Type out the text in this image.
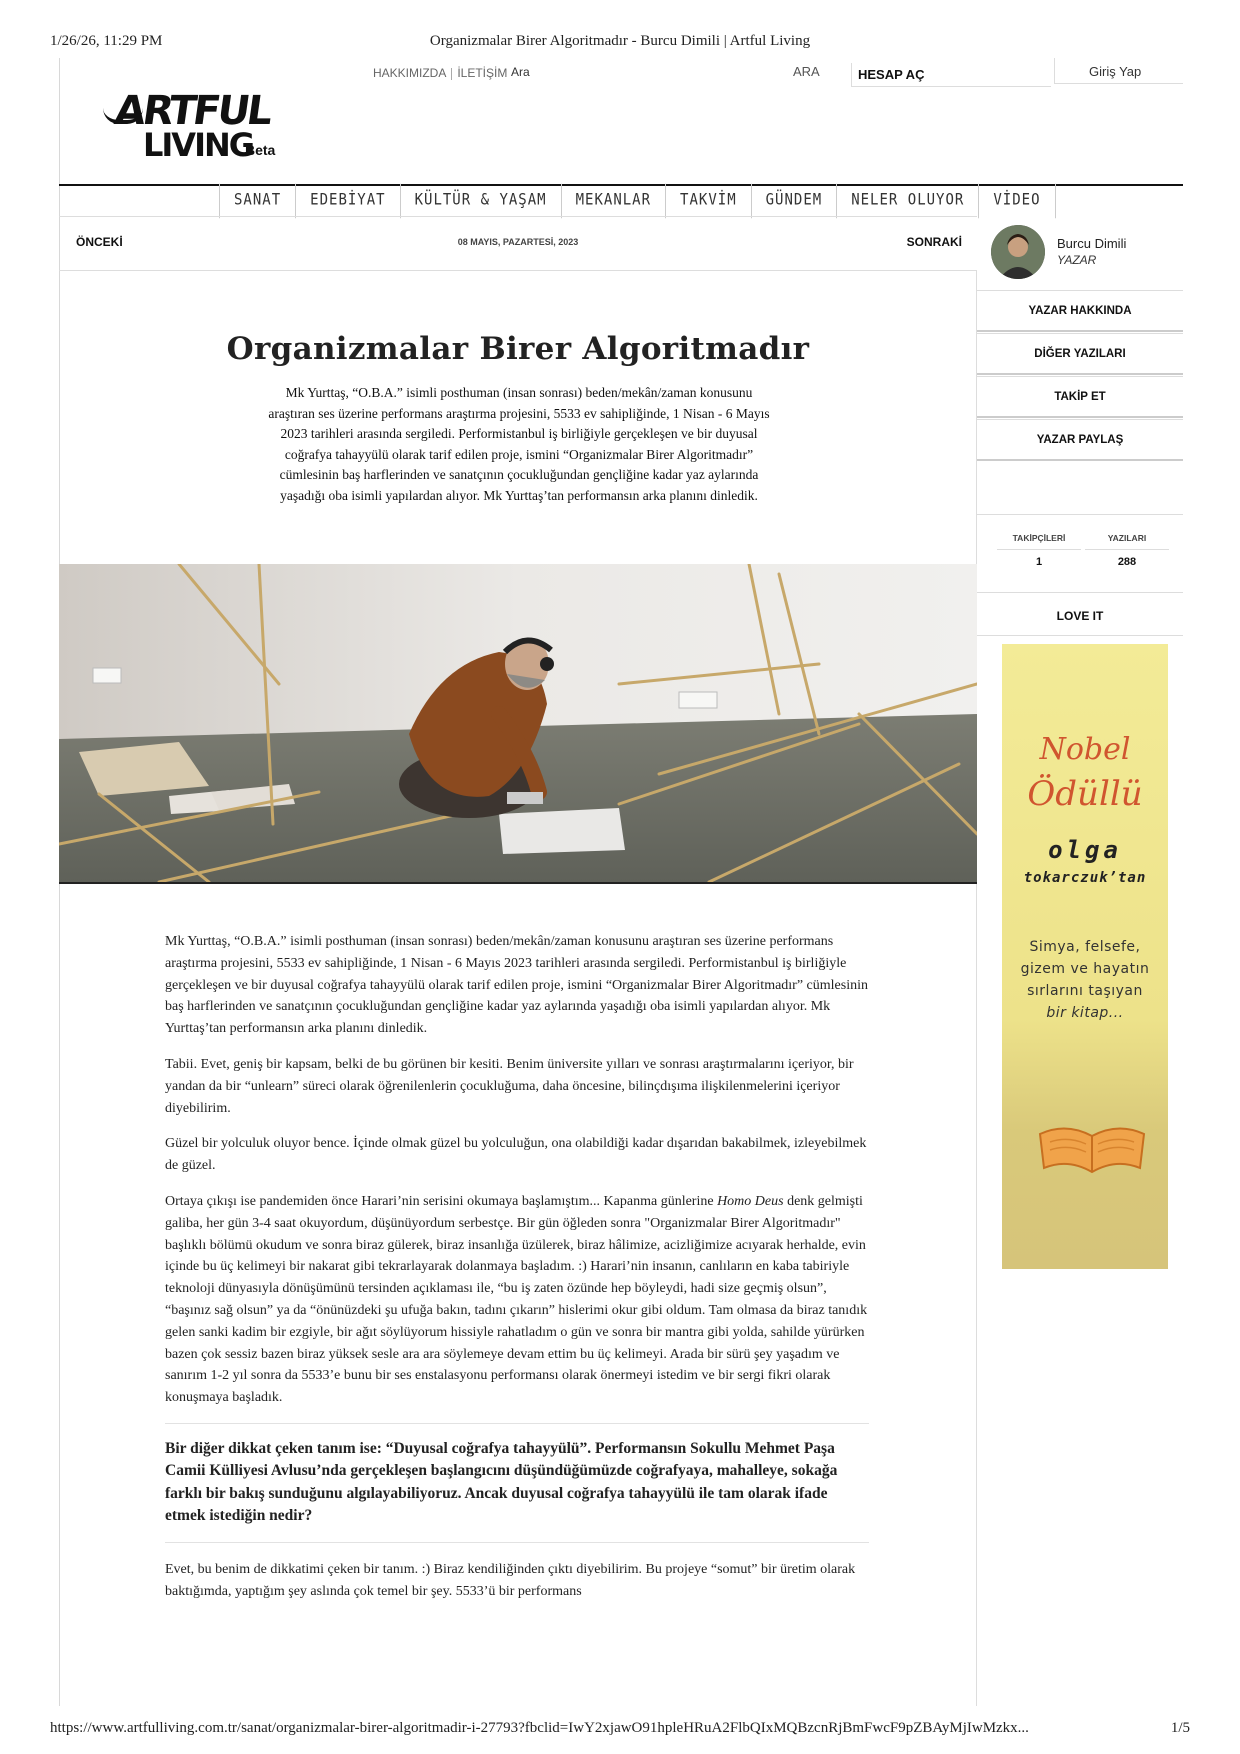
1/26/26, 11:29 PM	Organizmalar Birer Algoritmadır - Burcu Dimili | Artful Living
ARTFUL
LIVING
Beta
HAKKIMIZDA İLETİŞİM Ara	ARA	HESAP AÇ	Giriş Yap
SANAT	EDEBİYAT	KÜLTÜR & YAŞAM	MEKANLAR	TAKVİM	GÜNDEM	NELER OLUYOR	VİDEO
ÖNCEKİ	08 MAYIS, PAZARTESİ, 2023	SONRAKİ
Organizmalar Birer Algoritmadır

Mk Yurttaş, “O.B.A.” isimli posthuman (insan sonrası) beden/mekân/zaman konusunu araştıran ses üzerine performans araştırma projesini, 5533 ev sahipliğinde, 1 Nisan - 6 Mayıs 2023 tarihleri arasında sergiledi. Performistanbul iş birliğiyle gerçekleşen ve bir duyusal coğrafya tahayyülü olarak tarif edilen proje, ismini “Organizmalar Birer Algoritmadır” cümlesinin baş harflerinden ve sanatçının çocukluğundan gençliğine kadar yaz aylarında yaşadığı oba isimli yapılardan alıyor. Mk Yurttaş’tan performansın arka planını dinledik.

Mk Yurttaş, “O.B.A.” isimli posthuman (insan sonrası) beden/mekân/zaman konusunu araştıran ses üzerine performans araştırma projesini, 5533 ev sahipliğinde, 1 Nisan - 6 Mayıs 2023 tarihleri arasında sergiledi. Performistanbul iş birliğiyle gerçekleşen ve bir duyusal coğrafya tahayyülü olarak tarif edilen proje, ismini “Organizmalar Birer Algoritmadır” cümlesinin baş harflerinden ve sanatçının çocukluğundan gençliğine kadar yaz aylarında yaşadığı oba isimli yapılardan alıyor. Mk Yurttaş’tan performansın arka planını dinledik.

Tabii. Evet, geniş bir kapsam, belki de bu görünen bir kesiti. Benim üniversite yılları ve sonrası araştırmalarını içeriyor, bir yandan da bir “unlearn” süreci olarak öğrenilenlerin çocukluğuma, daha öncesine, bilinçdışıma ilişkilenmelerini içeriyor diyebilirim.

Güzel bir yolculuk oluyor bence. İçinde olmak güzel bu yolculuğun, ona olabildiği kadar dışarıdan bakabilmek, izleyebilmek de güzel.

Ortaya çıkışı ise pandemiden önce Harari’nin serisini okumaya başlamıştım... Kapanma günlerine Homo Deus denk gelmişti galiba, her gün 3-4 saat okuyordum, düşünüyordum serbestçe. Bir gün öğleden sonra "Organizmalar Birer Algoritmadır" başlıklı bölümü okudum ve sonra biraz gülerek, biraz insanlığa üzülerek, biraz hâlimize, acizliğimize acıyarak herhalde, evin içinde bu üç kelimeyi bir nakarat gibi tekrarlayarak dolanmaya başladım. :) Harari’nin insanın, canlıların en kaba tabiriyle teknoloji dünyasıyla dönüşümünü tersinden açıklaması ile, “bu iş zaten özünde hep böyleydi, hadi size geçmiş olsun”, “başınız sağ olsun” ya da “önünüzdeki şu ufuğa bakın, tadını çıkarın” hislerimi okur gibi oldum. Tam olmasa da biraz tanıdık gelen sanki kadim bir ezgiyle, bir ağıt söylüyorum hissiyle rahatladım o gün ve sonra bir mantra gibi yolda, sahilde yürürken bazen çok sessiz bazen biraz yüksek sesle ara ara söylemeye devam ettim bu üç kelimeyi. Arada bir sürü şey yaşadım ve sanırım 1-2 yıl sonra da 5533’e bunu bir ses enstalasyonu performansı olarak önermeyi istedim ve bir sergi fikri olarak konuşmaya başladık.

Bir diğer dikkat çeken tanım ise: “Duyusal coğrafya tahayyülü”. Performansın Sokullu Mehmet Paşa Camii Külliyesi Avlusu’nda gerçekleşen başlangıcını düşündüğümüzde coğrafyaya, mahalleye, sokağa farklı bir bakış sunduğunu algılayabiliyoruz. Ancak duyusal coğrafya tahayyülü ile tam olarak ifade etmek istediğin nedir?

Evet, bu benim de dikkatimi çeken bir tanım. :) Biraz kendiliğinden çıktı diyebilirim. Bu projeye “somut” bir üretim olarak baktığımda, yaptığım şey aslında çok temel bir şey. 5533’ü bir performans

Burcu Dimili
YAZAR
YAZAR HAKKINDA
DİĞER YAZILARI
TAKİP ET
YAZAR PAYLAŞ
TAKİPÇİLERİ
1
YAZILARI
288
LOVE IT
Nobel
Ödüllü
olga
tokarczuk’tan
Simya, felsefe,
gizem ve hayatın
sırlarını taşıyan
bir kitap...
https://www.artfulliving.com.tr/sanat/organizmalar-birer-algoritmadir-i-27793?fbclid=IwY2xjawO91hpleHRuA2FlbQIxMQBzcnRjBmFwcF9pZBAyMjIwMzkx...	1/5
